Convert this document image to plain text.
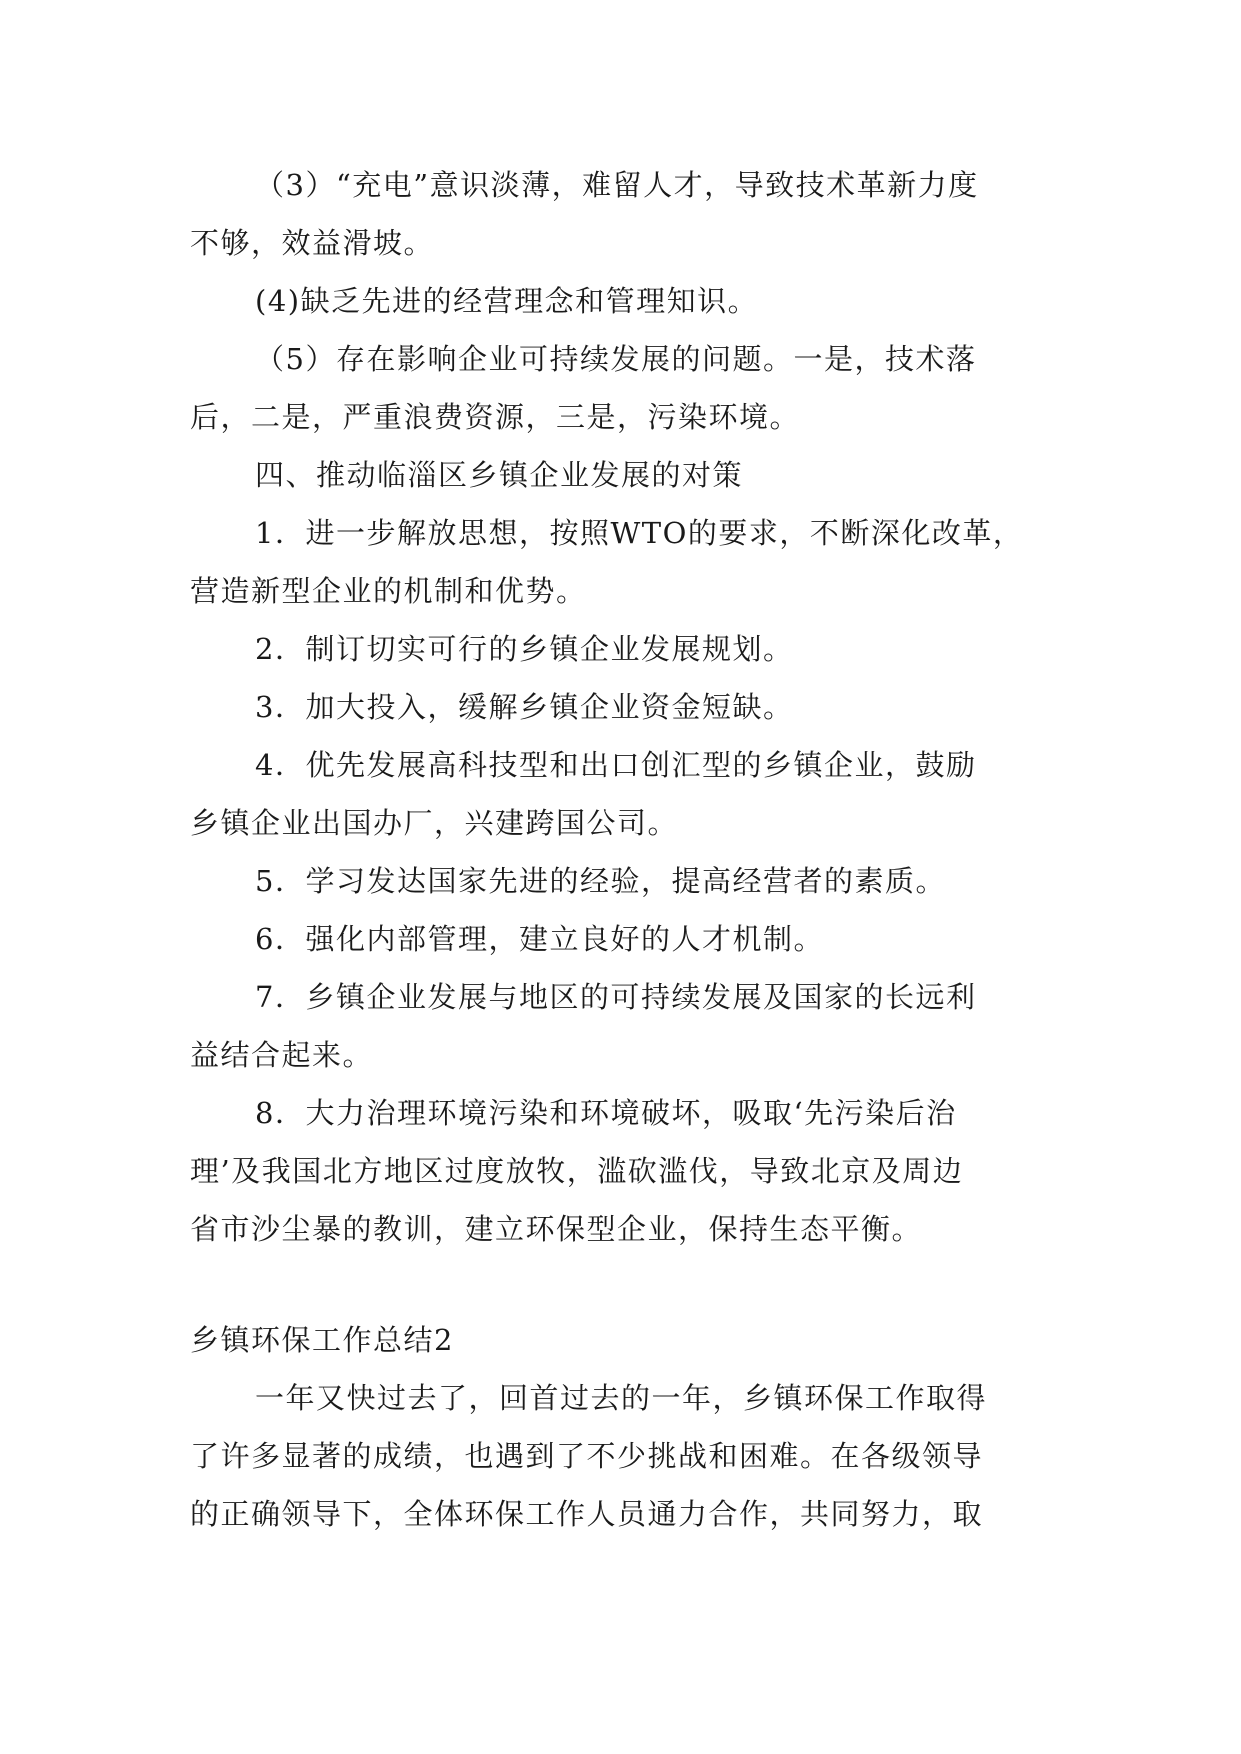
（3）“充电”意识淡薄，难留人才，导致技术革新力度
不够，效益滑坡。
(4)缺乏先进的经营理念和管理知识。
（5）存在影响企业可持续发展的问题。一是，技术落
后，二是，严重浪费资源，三是，污染环境。
四、推动临淄区乡镇企业发展的对策
1．进一步解放思想，按照WTO的要求，不断深化改革，
营造新型企业的机制和优势。
2．制订切实可行的乡镇企业发展规划。
3．加大投入，缓解乡镇企业资金短缺。
4．优先发展高科技型和出口创汇型的乡镇企业，鼓励
乡镇企业出国办厂，兴建跨国公司。
5．学习发达国家先进的经验，提高经营者的素质。
6．强化内部管理，建立良好的人才机制。
7．乡镇企业发展与地区的可持续发展及国家的长远利
益结合起来。
8．大力治理环境污染和环境破坏，吸取‘先污染后治
理’及我国北方地区过度放牧，滥砍滥伐，导致北京及周边
省市沙尘暴的教训，建立环保型企业，保持生态平衡。
乡镇环保工作总结2
一年又快过去了，回首过去的一年，乡镇环保工作取得
了许多显著的成绩，也遇到了不少挑战和困难。在各级领导
的正确领导下，全体环保工作人员通力合作，共同努力，取
